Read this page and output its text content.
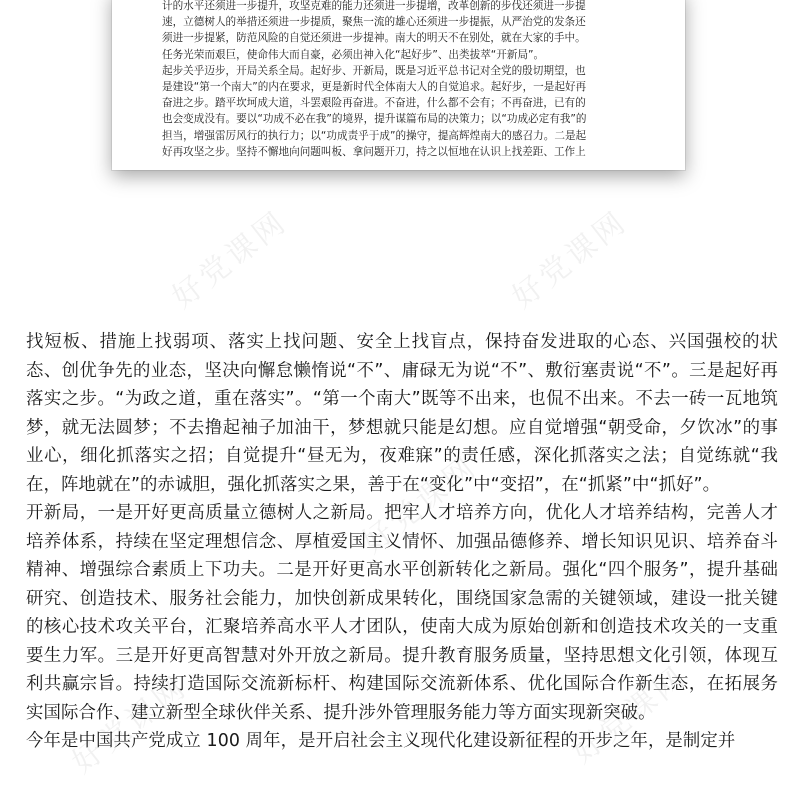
计的水平还须进一步提升，攻坚克难的能力还须进一步提增，改革创新的步伐还须进一步提

速，立德树人的举措还须进一步提质，聚焦一流的雄心还须进一步提振，从严治党的发条还

须进一步提紧，防范风险的自觉还须进一步提神。南大的明天不在别处，就在大家的手中。

任务光荣而艰巨，使命伟大而自豪，必须出神入化“起好步”、出类拔萃“开新局”。

起步关乎迈步，开局关系全局。起好步、开新局，既是习近平总书记对全党的殷切期望，也

是建设“第一个南大”的内在要求，更是新时代全体南大人的自觉追求。起好步，一是起好再

奋进之步。踏平坎坷成大道，斗罢艰险再奋进。不奋进，什么都不会有；不再奋进，已有的

也会变成没有。要以“功成不必在我”的境界，提升谋篇布局的决策力；以“功成必定有我”的

担当，增强雷厉风行的执行力；以“功成责乎于成”的操守，提高辉煌南大的感召力。二是起

好再攻坚之步。坚持不懈地向问题叫板、拿问题开刀，持之以恒地在认识上找差距、工作上

好党课网	好党课网
好党课网
好党课网	好党课网

找短板、措施上找弱项、落实上找问题、安全上找盲点，保持奋发进取的心态、兴国强校的状态、创优争先的业态，坚决向懈怠懒惰说“不”、庸碌无为说“不”、敷衍塞责说“不”。三是起好再落实之步。“为政之道，重在落实”。“第一个南大”既等不出来，也侃不出来。不去一砖一瓦地筑梦，就无法圆梦；不去撸起袖子加油干，梦想就只能是幻想。应自觉增强“朝受命，夕饮冰”的事业心，细化抓落实之招；自觉提升“昼无为，夜难寐”的责任感，深化抓落实之法；自觉练就“我在，阵地就在”的赤诚胆，强化抓落实之果，善于在“变化”中“变招”，在“抓紧”中“抓好”。

开新局，一是开好更高质量立德树人之新局。把牢人才培养方向，优化人才培养结构，完善人才培养体系，持续在坚定理想信念、厚植爱国主义情怀、加强品德修养、增长知识见识、培养奋斗精神、增强综合素质上下功夫。二是开好更高水平创新转化之新局。强化“四个服务”，提升基础研究、创造技术、服务社会能力，加快创新成果转化，围绕国家急需的关键领域，建设一批关键的核心技术攻关平台，汇聚培养高水平人才团队，使南大成为原始创新和创造技术攻关的一支重要生力军。三是开好更高智慧对外开放之新局。提升教育服务质量，坚持思想文化引领，体现互利共赢宗旨。持续打造国际交流新标杆、构建国际交流新体系、优化国际合作新生态，在拓展务实国际合作、建立新型全球伙伴关系、提升涉外管理服务能力等方面实现新突破。

今年是中国共产党成立 100 周年，是开启社会主义现代化建设新征程的开步之年，是制定并
